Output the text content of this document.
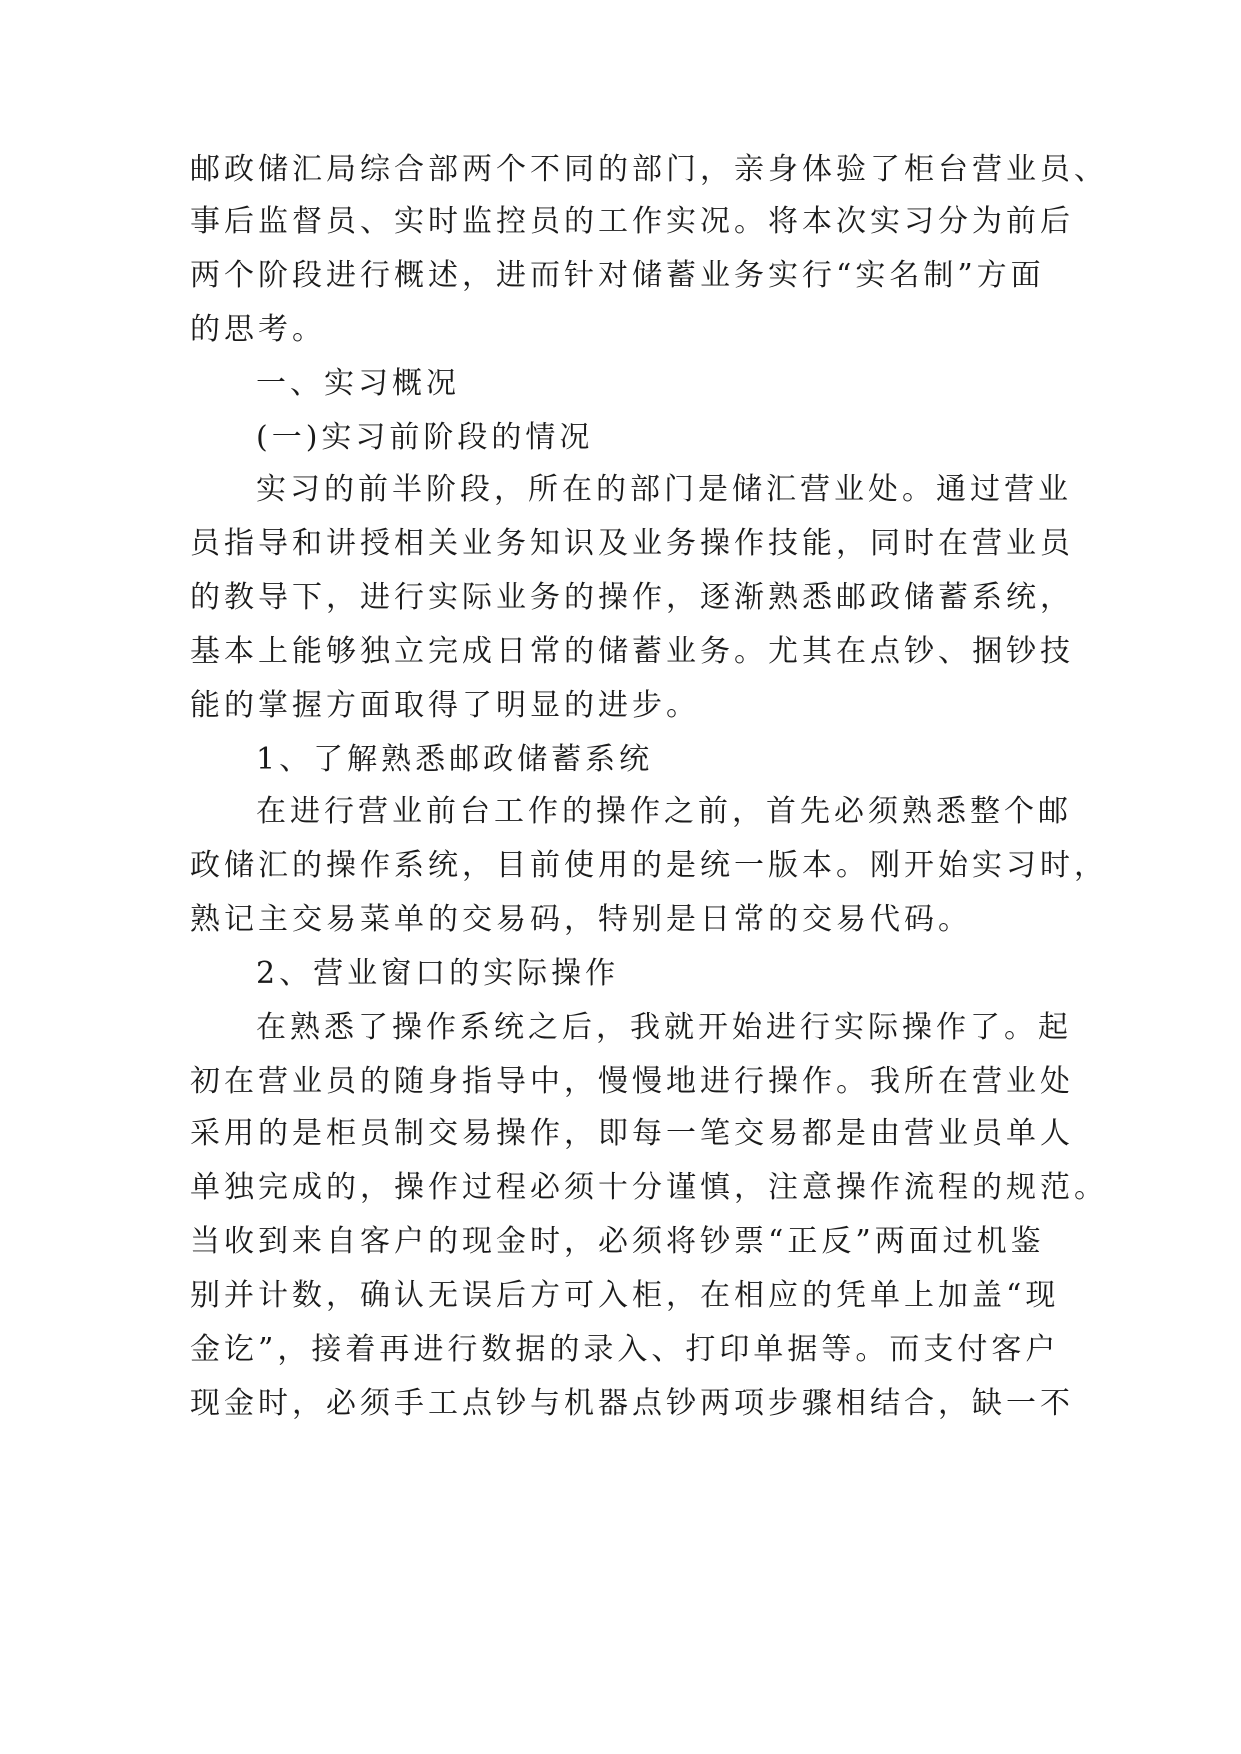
邮政储汇局综合部两个不同的部门，亲身体验了柜台营业员、
事后监督员、实时监控员的工作实况。将本次实习分为前后
两个阶段进行概述，进而针对储蓄业务实行“实名制”方面
的思考。
一、实习概况
(一)实习前阶段的情况
实习的前半阶段，所在的部门是储汇营业处。通过营业
员指导和讲授相关业务知识及业务操作技能，同时在营业员
的教导下，进行实际业务的操作，逐渐熟悉邮政储蓄系统，
基本上能够独立完成日常的储蓄业务。尤其在点钞、捆钞技
能的掌握方面取得了明显的进步。
1、了解熟悉邮政储蓄系统
在进行营业前台工作的操作之前，首先必须熟悉整个邮
政储汇的操作系统，目前使用的是统一版本。刚开始实习时，
熟记主交易菜单的交易码，特别是日常的交易代码。
2、营业窗口的实际操作
在熟悉了操作系统之后，我就开始进行实际操作了。起
初在营业员的随身指导中，慢慢地进行操作。我所在营业处
采用的是柜员制交易操作，即每一笔交易都是由营业员单人
单独完成的，操作过程必须十分谨慎，注意操作流程的规范。
当收到来自客户的现金时，必须将钞票“正反”两面过机鉴
别并计数，确认无误后方可入柜，在相应的凭单上加盖“现
金讫”，接着再进行数据的录入、打印单据等。而支付客户
现金时，必须手工点钞与机器点钞两项步骤相结合，缺一不
